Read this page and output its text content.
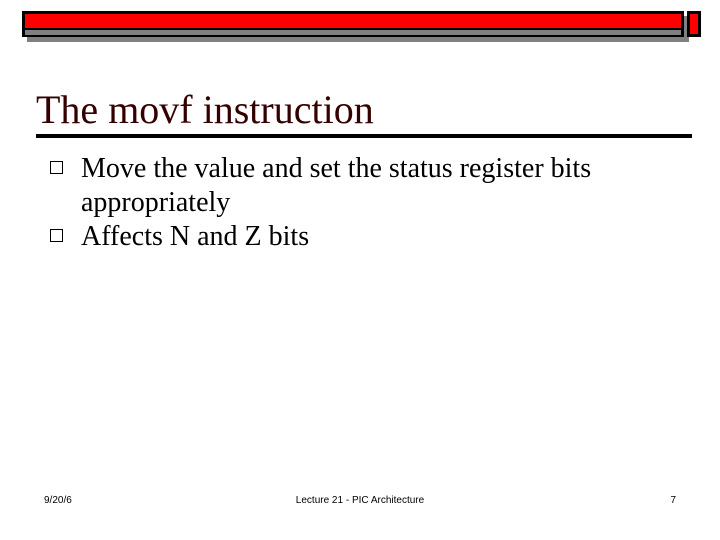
The movf instruction
Move the value and set the status register bits appropriately
Affects N and Z bits
9/20/6	Lecture 21 - PIC Architecture	7
